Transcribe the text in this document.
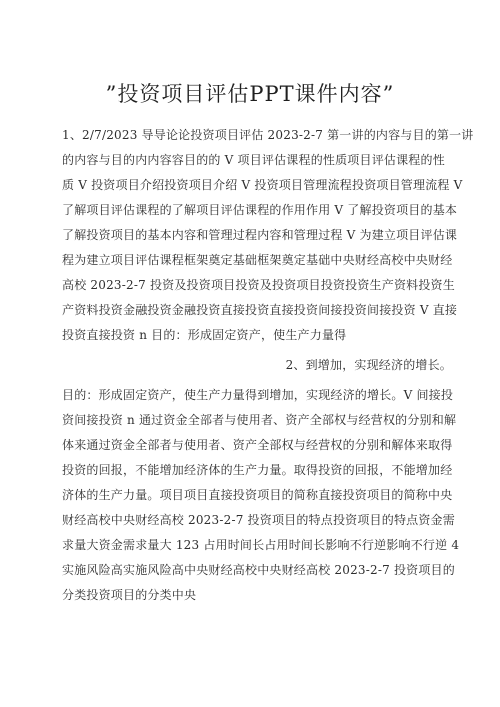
”投资项目评估PPT课件内容”
1、2/7/2023 导导论论投资项目评估 2023-2-7 第一讲的内容与目的第一讲
的内容与目的内内容容目的的 V 项目评估课程的性质项目评估课程的性
质 V 投资项目介绍投资项目介绍 V 投资项目管理流程投资项目管理流程 V
了解项目评估课程的了解项目评估课程的作用作用 V 了解投资项目的基本
了解投资项目的基本内容和管理过程内容和管理过程 V 为建立项目评估课
程为建立项目评估课程框架奠定基础框架奠定基础中央财经高校中央财经
高校 2023-2-7 投资及投资项目投资及投资项目投资投资生产资料投资生
产资料投资金融投资金融投资直接投资直接投资间接投资间接投资 V 直接
投资直接投资 n 目的：形成固定资产，使生产力量得
2、到增加，实现经济的增长。
目的：形成固定资产，使生产力量得到增加，实现经济的增长。V 间接投
资间接投资 n 通过资金全部者与使用者、资产全部权与经营权的分别和解
体来通过资金全部者与使用者、资产全部权与经营权的分别和解体来取得
投资的回报，不能增加经济体的生产力量。取得投资的回报，不能增加经
济体的生产力量。项目项目直接投资项目的简称直接投资项目的简称中央
财经高校中央财经高校 2023-2-7 投资项目的特点投资项目的特点资金需
求量大资金需求量大 123 占用时间长占用时间长影响不行逆影响不行逆 4
实施风险高实施风险高中央财经高校中央财经高校 2023-2-7 投资项目的
分类投资项目的分类中央
